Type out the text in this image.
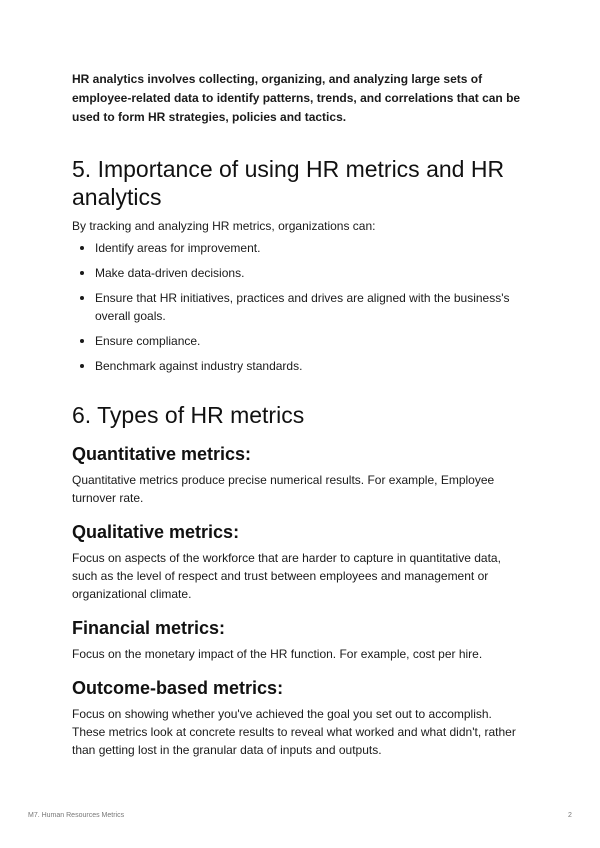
HR analytics involves collecting, organizing, and analyzing large sets of employee-related data to identify patterns, trends, and correlations that can be used to form HR strategies, policies and tactics.

5. Importance of using HR metrics and HR analytics

By tracking and analyzing HR metrics, organizations can:

Identify areas for improvement.
Make data-driven decisions.
Ensure that HR initiatives, practices and drives are aligned with the business's overall goals.
Ensure compliance.
Benchmark against industry standards.
6. Types of HR metrics
Quantitative metrics:

Quantitative metrics produce precise numerical results. For example, Employee turnover rate.

Qualitative metrics:

Focus on aspects of the workforce that are harder to capture in quantitative data, such as the level of respect and trust between employees and management or organizational climate.

Financial metrics:

Focus on the monetary impact of the HR function. For example, cost per hire.

Outcome-based metrics:

Focus on showing whether you've achieved the goal you set out to accomplish. These metrics look at concrete results to reveal what worked and what didn't, rather than getting lost in the granular data of inputs and outputs.

M7. Human Resources Metrics	2
